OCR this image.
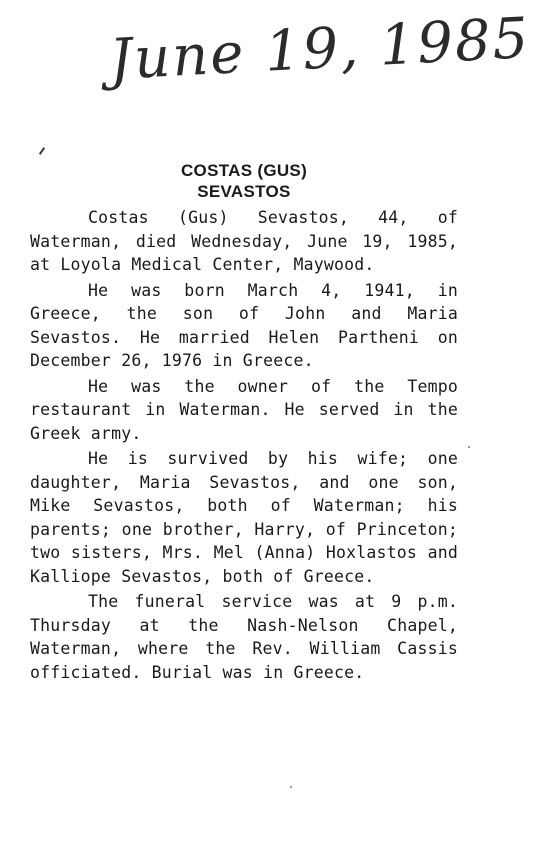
June 19, 1985
COSTAS (GUS)
SEVASTOS

Costas (Gus) Sevastos, 44, of Waterman, died Wednesday, June 19, 1985, at Loyola Medical Center, Maywood.

He was born March 4, 1941, in Greece, the son of John and Maria Sevastos. He married Helen Partheni on December 26, 1976 in Greece.

He was the owner of the Tempo restaurant in Waterman. He served in the Greek army.

He is survived by his wife; one daughter, Maria Sevastos, and one son, Mike Sevastos, both of Waterman; his parents; one brother, Harry, of Princeton; two sisters, Mrs. Mel (Anna) Hoxlastos and Kalliope Sevastos, both of Greece.

The funeral service was at 9 p.m. Thursday at the Nash-Nelson Chapel, Waterman, where the Rev. William Cassis officiated. Burial was in Greece.
